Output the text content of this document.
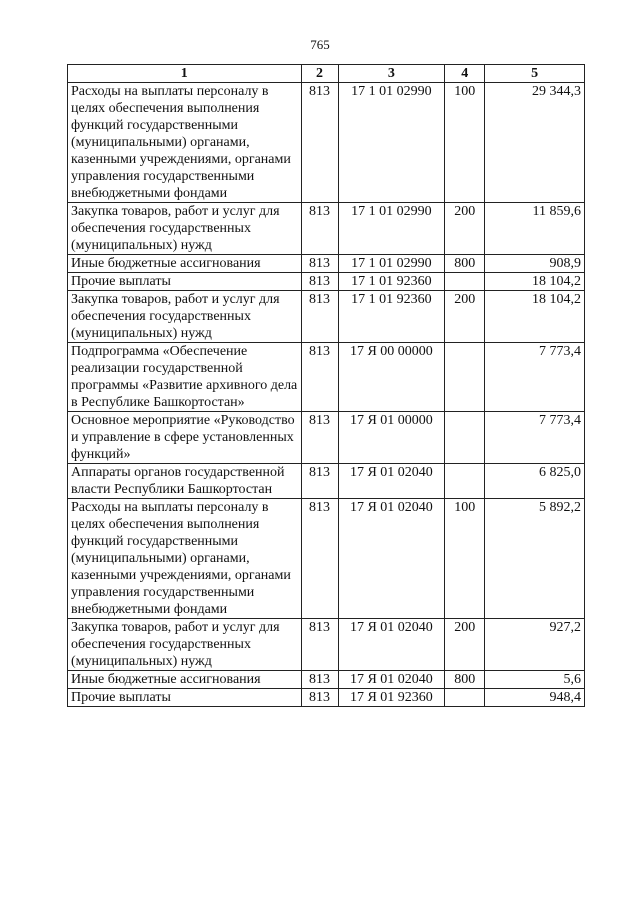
765
1	2	3	4	5
Расходы на выплаты персоналу в целях обеспечения выполнения функций государственными (муниципальными) органами, казенными учреждениями, органами управления государственными внебюджетными фондами	813	17 1 01 02990	100	29 344,3
Закупка товаров, работ и услуг для обеспечения государственных (муниципальных) нужд	813	17 1 01 02990	200	11 859,6
Иные бюджетные ассигнования	813	17 1 01 02990	800	908,9
Прочие выплаты	813	17 1 01 92360		18 104,2
Закупка товаров, работ и услуг для обеспечения государственных (муниципальных) нужд	813	17 1 01 92360	200	18 104,2
Подпрограмма «Обеспечение реализации государственной программы «Развитие архивного дела в Республике Башкортостан»	813	17 Я 00 00000		7 773,4
Основное мероприятие «Руководство и управление в сфере установленных функций»	813	17 Я 01 00000		7 773,4
Аппараты органов государственной власти Республики Башкортостан	813	17 Я 01 02040		6 825,0
Расходы на выплаты персоналу в целях обеспечения выполнения функций государственными (муниципальными) органами, казенными учреждениями, органами управления государственными внебюджетными фондами	813	17 Я 01 02040	100	5 892,2
Закупка товаров, работ и услуг для обеспечения государственных (муниципальных) нужд	813	17 Я 01 02040	200	927,2
Иные бюджетные ассигнования	813	17 Я 01 02040	800	5,6
Прочие выплаты	813	17 Я 01 92360		948,4
